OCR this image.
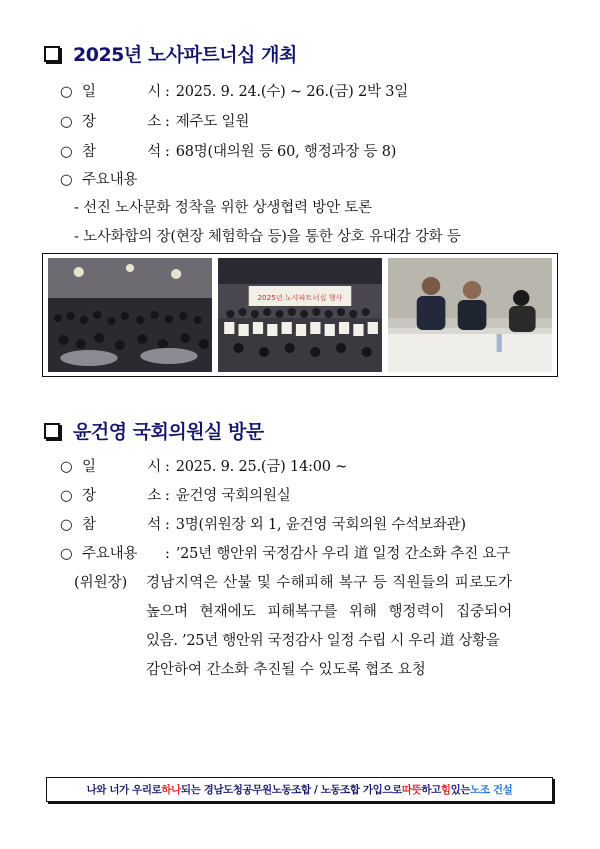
2025년 노사파트너십 개최
○ 일	시 : 2025. 9. 24.(수) ~ 26.(금) 2박 3일
○ 장	소 : 제주도 일원
○ 참	석 : 68명(대의원 등 60, 행정과장 등 8)
○ 주요내용
- 선진 노사문화 정착을 위한 상생협력 방안 토론
- 노사화합의 장(현장 체험학습 등)을 통한 상호 유대감 강화 등
2025년 노사파트너십 행사
윤건영 국회의원실 방문
○ 일	시 : 2025. 9. 25.(금) 14:00 ~
○ 장	소 : 윤건영 국회의원실
○ 참	석 : 3명(위원장 외 1, 윤건영 국회의원 수석보좌관)
○ 주요내용	: ’25년 행안위 국정감사 우리 道 일정 간소화 추진 요구
(위원장) 경남지역은 산불 및 수해피해 복구 등 직원들의 피로도가
높으며 현재에도 피해복구를 위해 행정력이 집중되어
있음. ’25년 행안위 국정감사 일정 수립 시 우리 道 상황을
감안하여 간소화 추진될 수 있도록 협조 요청
나와 너가 우리로 하나 되는 경남도청공무원노동조합 / 노동조합 가입으로 따뜻 하고 힘 있는 노조 건설
